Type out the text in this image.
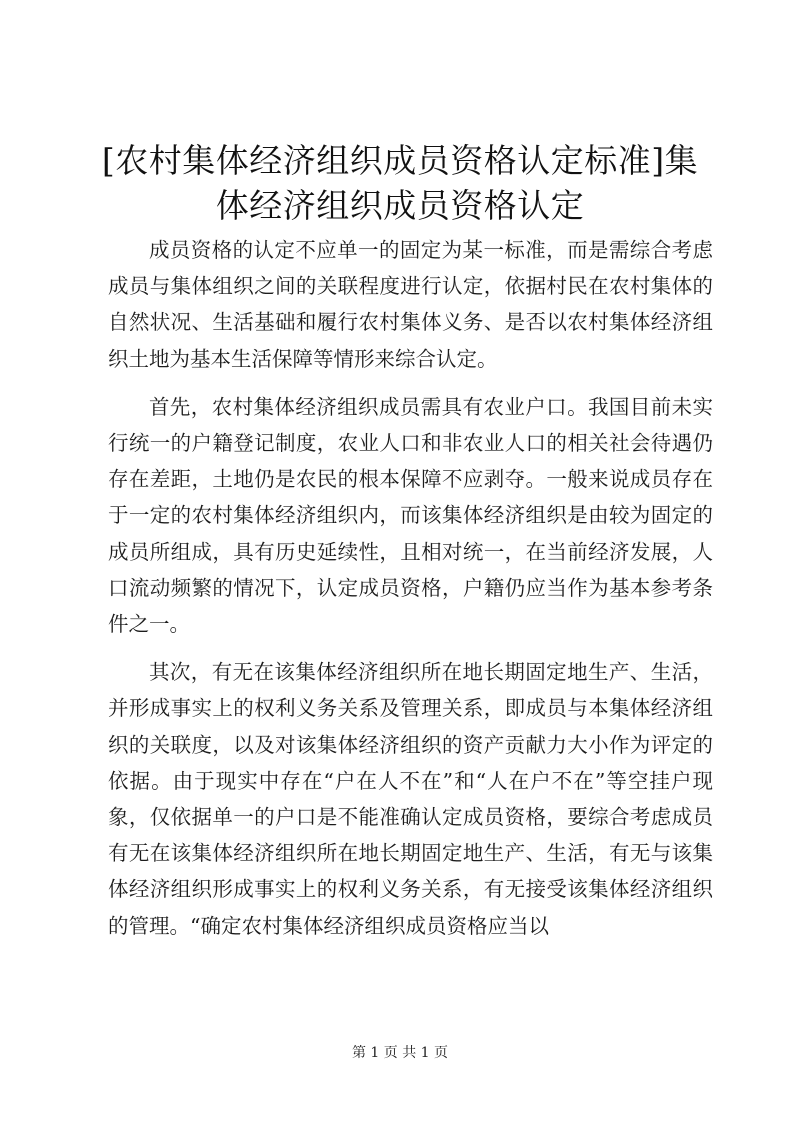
[农村集体经济组织成员资格认定标准]集体经济组织成员资格认定

成员资格的认定不应单一的固定为某一标准，而是需综合考虑成员与集体组织之间的关联程度进行认定，依据村民在农村集体的自然状况、生活基础和履行农村集体义务、是否以农村集体经济组织土地为基本生活保障等情形来综合认定。

首先，农村集体经济组织成员需具有农业户口。我国目前未实行统一的户籍登记制度，农业人口和非农业人口的相关社会待遇仍存在差距，土地仍是农民的根本保障不应剥夺。一般来说成员存在于一定的农村集体经济组织内，而该集体经济组织是由较为固定的成员所组成，具有历史延续性，且相对统一，在当前经济发展，人口流动频繁的情况下，认定成员资格，户籍仍应当作为基本参考条件之一。

其次，有无在该集体经济组织所在地长期固定地生产、生活，并形成事实上的权利义务关系及管理关系，即成员与本集体经济组织的关联度，以及对该集体经济组织的资产贡献力大小作为评定的依据。由于现实中存在“户在人不在”和“人在户不在”等空挂户现象，仅依据单一的户口是不能准确认定成员资格，要综合考虑成员有无在该集体经济组织所在地长期固定地生产、生活，有无与该集体经济组织形成事实上的权利义务关系，有无接受该集体经济组织的管理。“确定农村集体经济组织成员资格应当以

第 1 页 共 1 页
